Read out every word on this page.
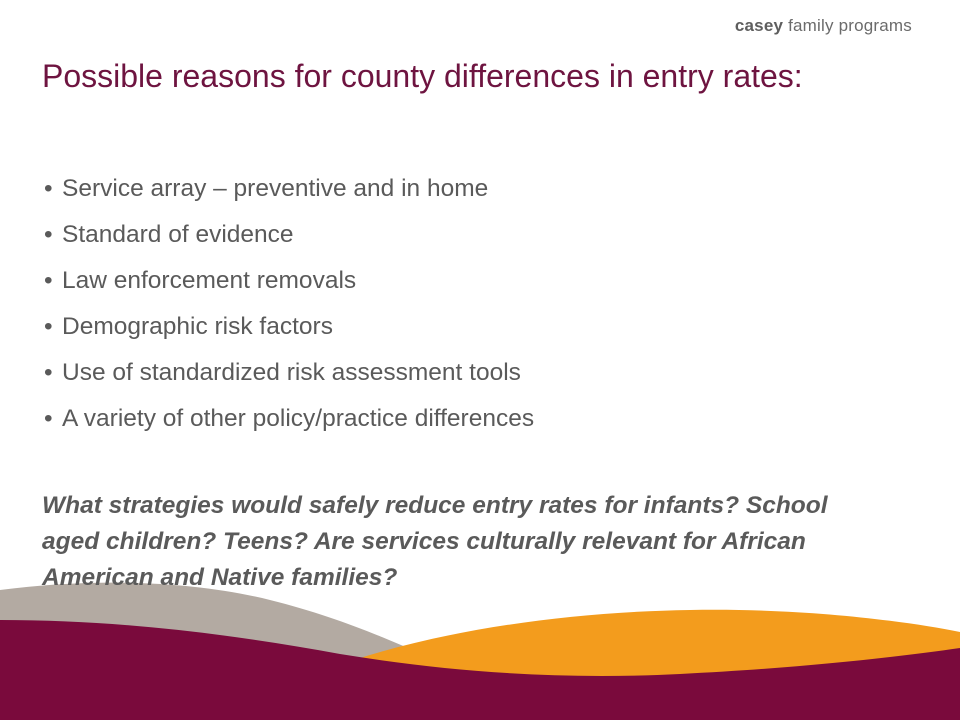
casey family programs
Possible reasons for county differences in entry rates:
• Service array – preventive and in home
• Standard of evidence
• Law enforcement removals
• Demographic risk factors
• Use of standardized risk assessment tools
• A variety of other policy/practice differences

What strategies would safely reduce entry rates for infants? School aged children? Teens? Are services culturally relevant for African American and Native families?
